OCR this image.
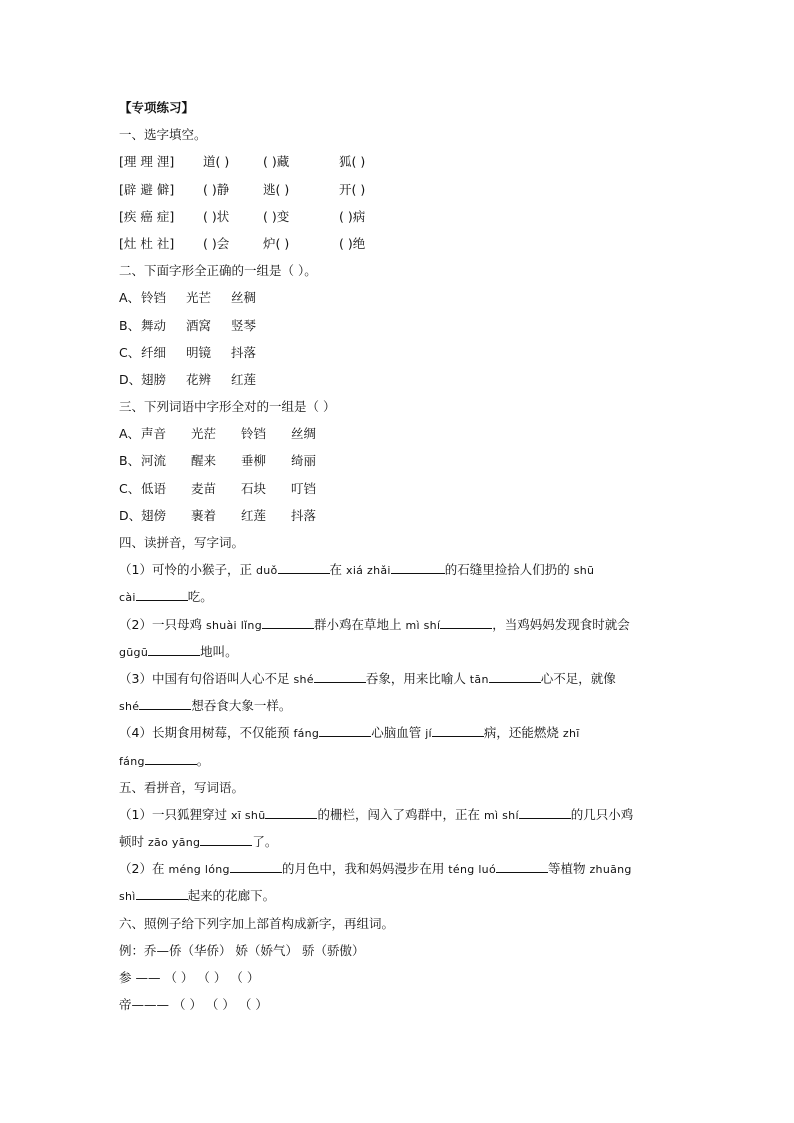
【专项练习】
一、选字填空。
[理 理 浬] 道( )	( )藏	狐( )
[辟 避 僻] ( )静	逃( )	开( )
[疾 癌 症] ( )状	( )变	( )病
[灶 杜 社] ( )会	炉( )	( )绝
二、下面字形全正确的一组是（ ）。
A、铃铛 光芒 丝稠
B、舞动 酒窝 竖琴
C、纤细 明镜 抖落
D、翅膀 花辨 红莲
三、下列词语中字形全对的一组是（ ）
A、声音 光茫 铃铛 丝绸
B、河流 醒来 垂柳 绮丽
C、低语 麦苗 石块 叮铛
D、翅傍 裹着 红莲 抖落
四、读拼音，写字词。
（1）可怜的小猴子，正 duǒ	在 xiá zhǎi	的石缝里捡拾人们扔的 shū
cài	吃。
（2）一只母鸡 shuài lǐng	群小鸡在草地上 mì shí	，当鸡妈妈发现食时就会
gūgū	地叫。
（3）中国有句俗语叫人心不足 shé	吞象，用来比喻人 tān	心不足，就像
shé	想吞食大象一样。
（4）长期食用树莓，不仅能预 fáng	心脑血管 jí	病，还能燃烧 zhī
fáng	。
五、看拼音，写词语。
（1）一只狐狸穿过 xī shū	的栅栏，闯入了鸡群中，正在 mì shí	的几只小鸡
顿时 zāo yāng	了。
（2）在 méng lóng	的月色中，我和妈妈漫步在用 téng luó	等植物 zhuāng
shì	起来的花廊下。
六、照例子给下列字加上部首构成新字，再组词。
例：乔—侨（华侨） 娇（娇气） 骄（骄傲）
参 —— （ ） （ ） （ ）
帝——— （ ） （ ） （ ）
